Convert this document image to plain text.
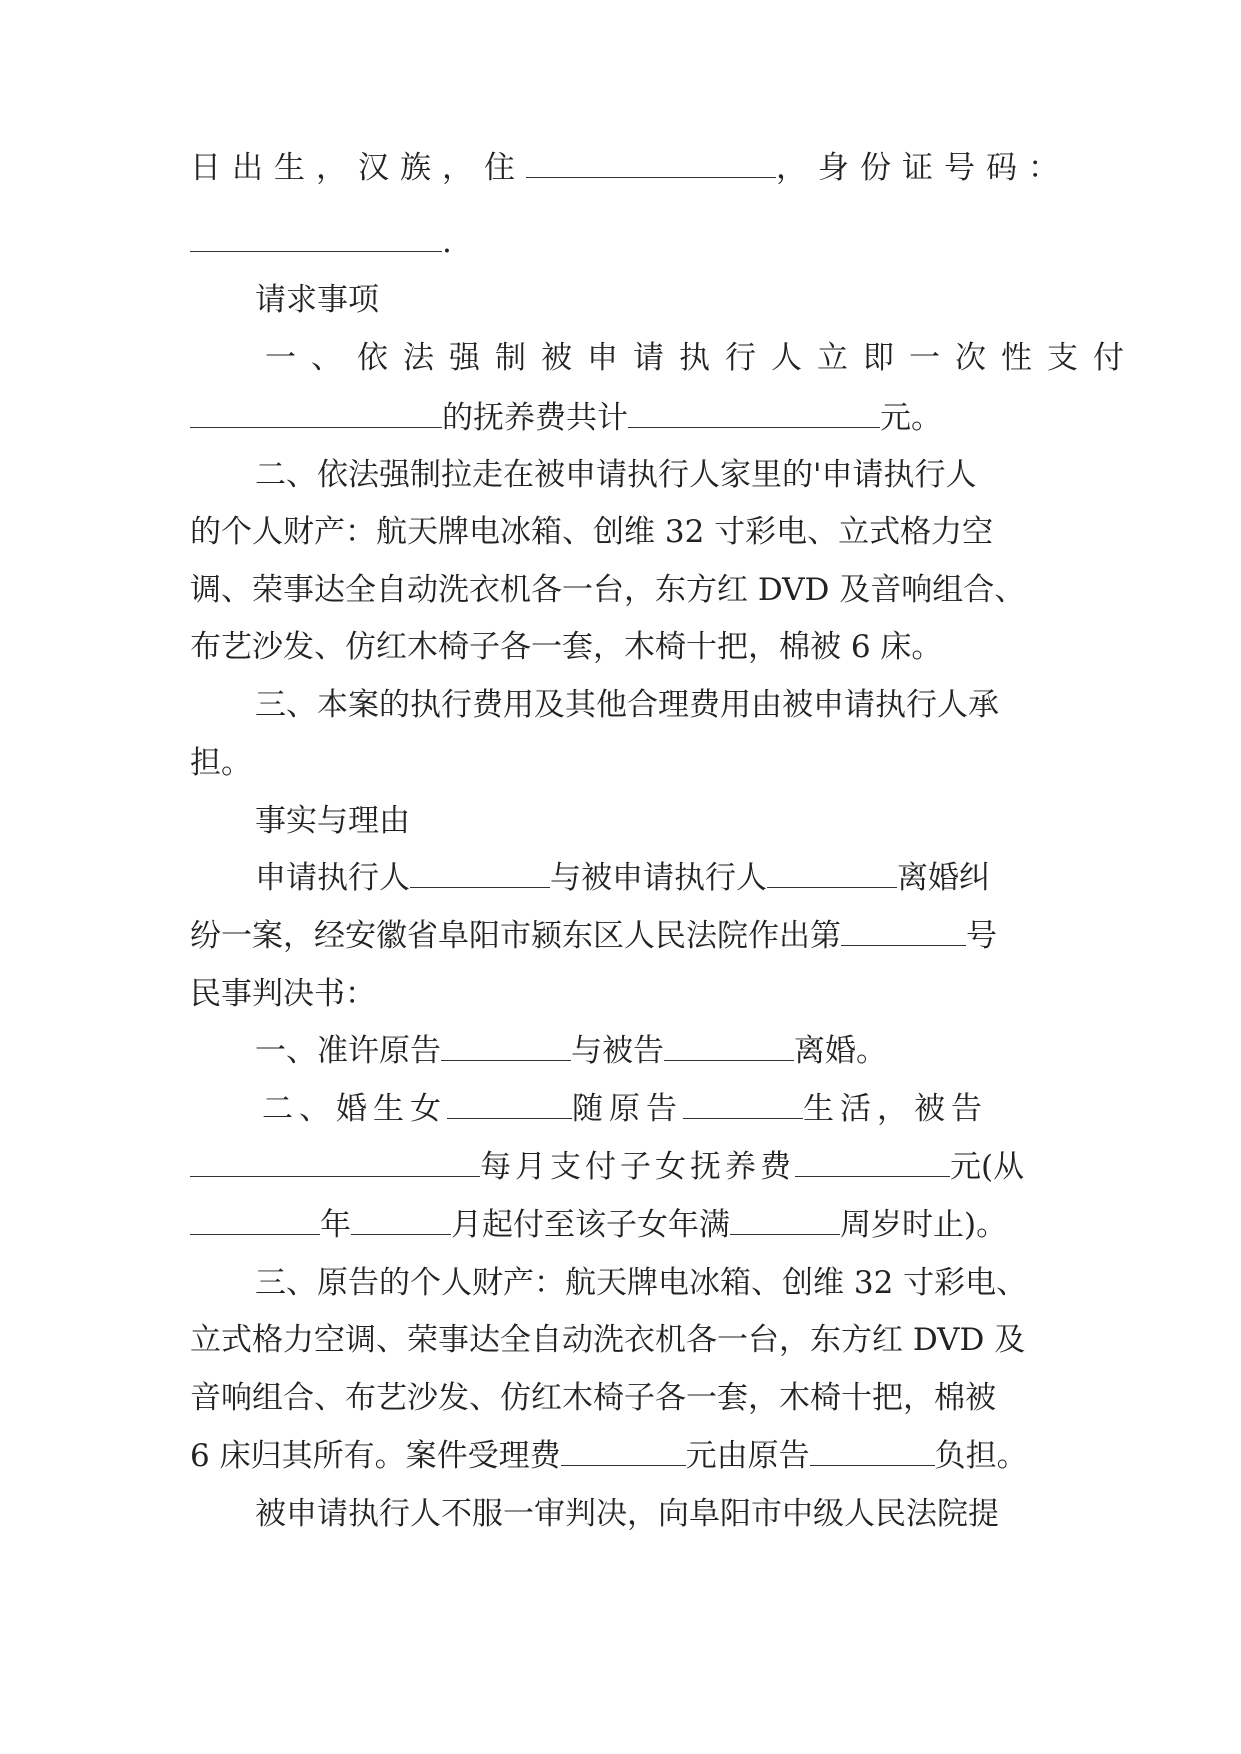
日出生，汉族，住	，身份证号码：

.

请求事项

一、依法强制被申请执行人立即一次性支付

的抚养费共计	元。

二、依法强制拉走在被申请执行人家里的'申请执行人

的个人财产：航天牌电冰箱、创维 32 寸彩电、立式格力空

调、荣事达全自动洗衣机各一台，东方红 DVD 及音响组合、

布艺沙发、仿红木椅子各一套，木椅十把，棉被 6 床。

三、本案的执行费用及其他合理费用由被申请执行人承

担。

事实与理由

申请执行人	与被申请执行人	离婚纠

纷一案，经安徽省阜阳市颍东区人民法院作出第	号

民事判决书：

一、准许原告	与被告	离婚。

二、婚生女	随原告	生活，被告

每月支付子女抚养费	元(从

年	月起付至该子女年满	周岁时止)。

三、原告的个人财产：航天牌电冰箱、创维 32 寸彩电、

立式格力空调、荣事达全自动洗衣机各一台，东方红 DVD 及

音响组合、布艺沙发、仿红木椅子各一套，木椅十把，棉被

6 床归其所有。案件受理费	元由原告	负担。

被申请执行人不服一审判决，向阜阳市中级人民法院提
